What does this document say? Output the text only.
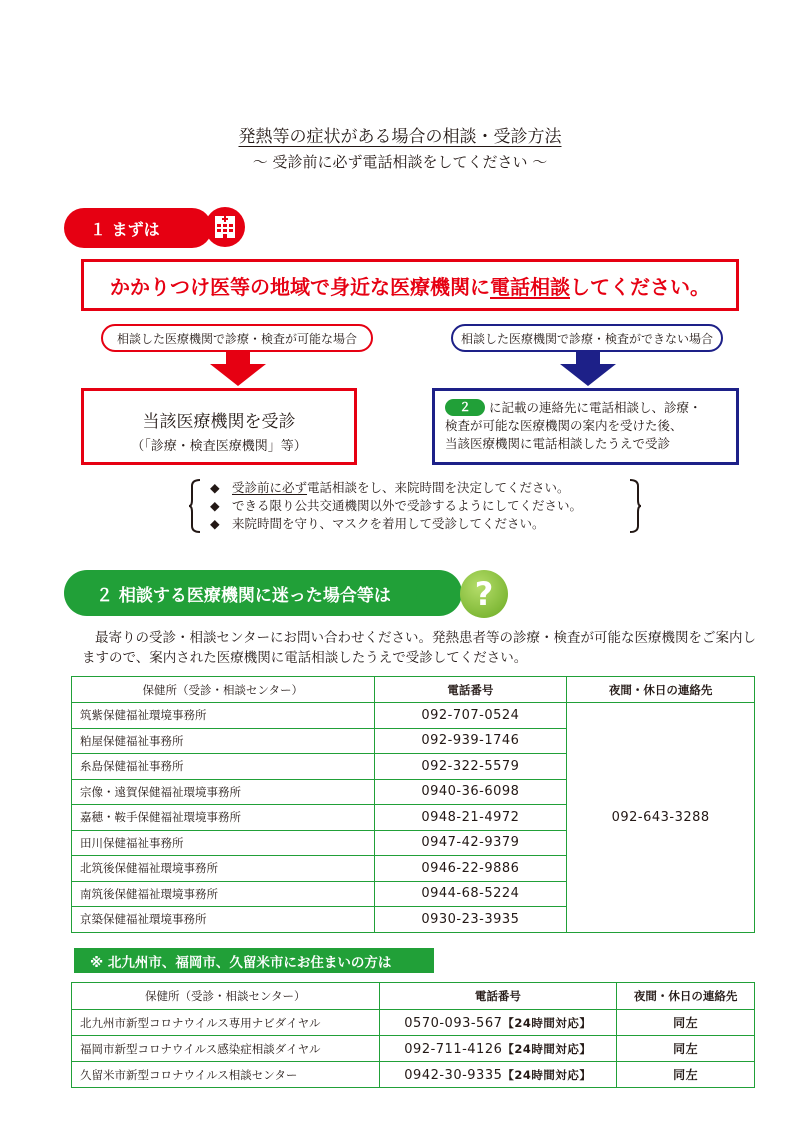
発熱等の症状がある場合の相談・受診方法
～ 受診前に必ず電話相談をしてください ～
１ まずは
かかりつけ医等の地域で身近な医療機関に 電話相談 してください。
相談した医療機関で診療・検査が可能な場合	相談した医療機関で診療・検査ができない場合
当該医療機関を受診
（「診療・検査医療機関」等）
２ に記載の連絡先に電話相談し、診療・
検査が可能な医療機関の案内を受けた後、
当該医療機関に電話相談したうえで受診
◆ 受診前に必ず電話相談をし、来院時間を決定してください。
◆ できる限り公共交通機関以外で受診するようにしてください。
◆ 来院時間を守り、マスクを着用して受診してください。
２ 相談する医療機関に迷った場合等は	?
最寄りの受診・相談センターにお問い合わせください。発熱患者等の診療・検査が可能な医療機関をご案内しますので、案内された医療機関に電話相談したうえで受診してください。
保健所（受診・相談センター）	電話番号	夜間・休日の連絡先
筑紫保健福祉環境事務所	092-707-0524	092-643-3288
粕屋保健福祉事務所	092-939-1746	
糸島保健福祉事務所	092-322-5579	
宗像・遠賀保健福祉環境事務所	0940-36-6098	
嘉穂・鞍手保健福祉環境事務所	0948-21-4972	
田川保健福祉事務所	0947-42-9379	
北筑後保健福祉環境事務所	0946-22-9886	
南筑後保健福祉環境事務所	0944-68-5224	
京築保健福祉環境事務所	0930-23-3935	
※ 北九州市、福岡市、久留米市にお住まいの方は
保健所（受診・相談センター）	電話番号	夜間・休日の連絡先
北九州市新型コロナウイルス専用ナビダイヤル	0570-093-567【24時間対応】	同左
福岡市新型コロナウイルス感染症相談ダイヤル	092-711-4126【24時間対応】	同左
久留米市新型コロナウイルス相談センター	0942-30-9335【24時間対応】	同左
